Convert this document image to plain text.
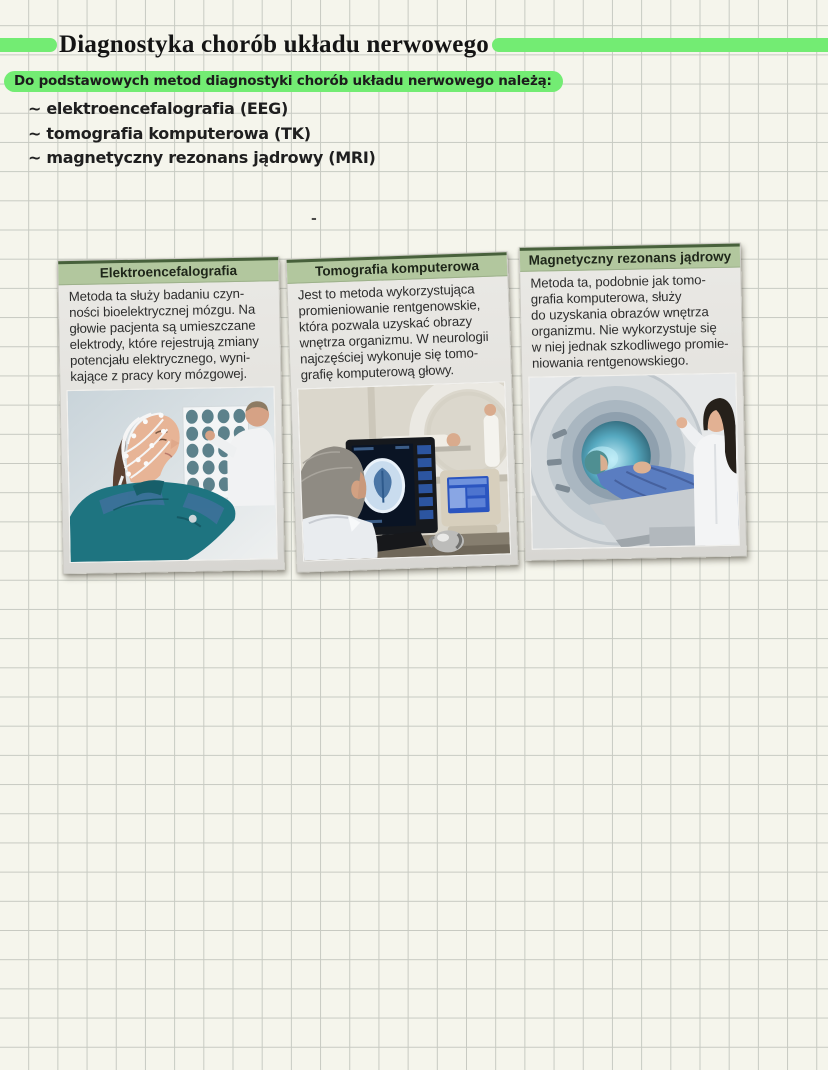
Diagnostyka chorób układu nerwowego
Do podstawowych metod diagnostyki chorób układu nerwowego należą:
~ elektroencefalografia (EEG)
~ tomografia komputerowa (TK)
~ magnetyczny rezonans jądrowy (MRI)
-
Elektroencefalografia
Metoda ta służy badaniu czyn-
ności bioelektrycznej mózgu. Na
głowie pacjenta są umieszczane
elektrody, które rejestrują zmiany
potencjału elektrycznego, wyni-
kające z pracy kory mózgowej.
Tomografia komputerowa
Jest to metoda wykorzystująca
promieniowanie rentgenowskie,
która pozwala uzyskać obrazy
wnętrza organizmu. W neurologii
najczęściej wykonuje się tomo-
grafię komputerową głowy.
Magnetyczny rezonans jądrowy
Metoda ta, podobnie jak tomo-
grafia komputerowa, służy
do uzyskania obrazów wnętrza
organizmu. Nie wykorzystuje się
w niej jednak szkodliwego promie-
niowania rentgenowskiego.
